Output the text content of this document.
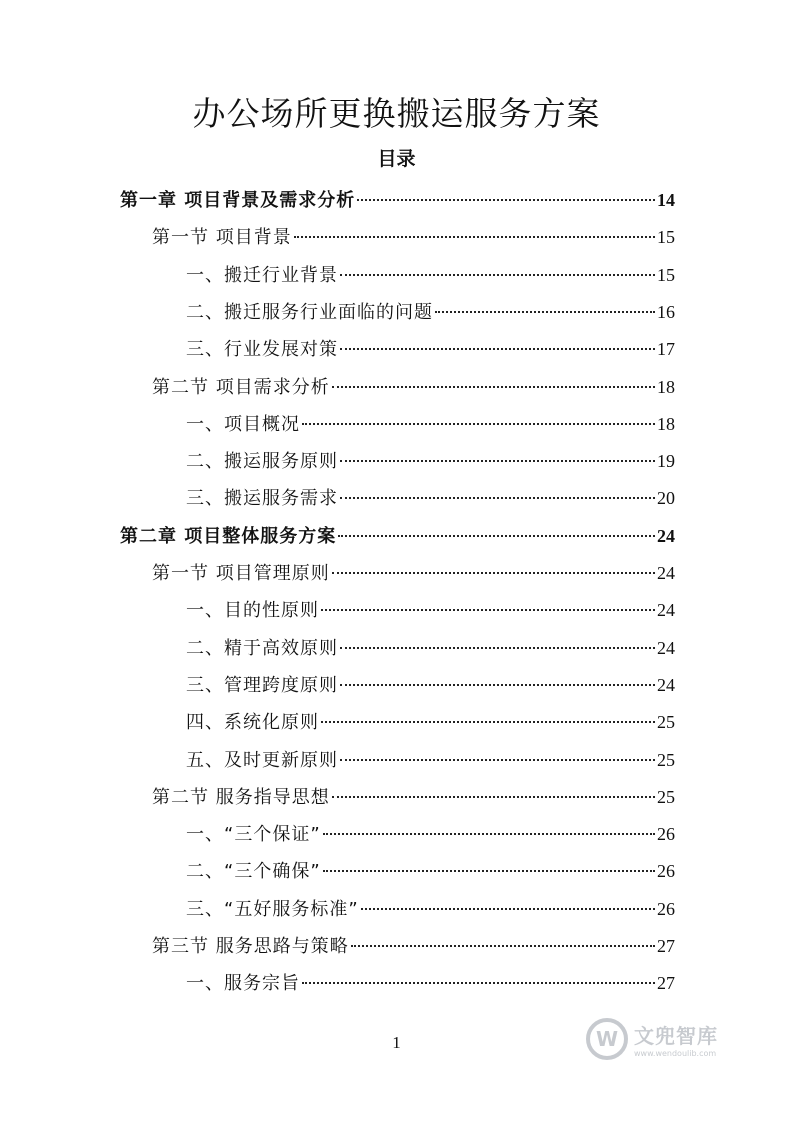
办公场所更换搬运服务方案
目录
第一章 项目背景及需求分析	14
第一节 项目背景	15
一、搬迁行业背景	15
二、搬迁服务行业面临的问题	16
三、行业发展对策	17
第二节 项目需求分析	18
一、项目概况	18
二、搬运服务原则	19
三、搬运服务需求	20
第二章 项目整体服务方案	24
第一节 项目管理原则	24
一、目的性原则	24
二、精于高效原则	24
三、管理跨度原则	24
四、系统化原则	25
五、及时更新原则	25
第二节 服务指导思想	25
一、“三个保证”	26
二、“三个确保”	26
三、“五好服务标准”	26
第三节 服务思路与策略	27
一、服务宗旨	27
1	W 文兜智库
www.wendoulib.com
